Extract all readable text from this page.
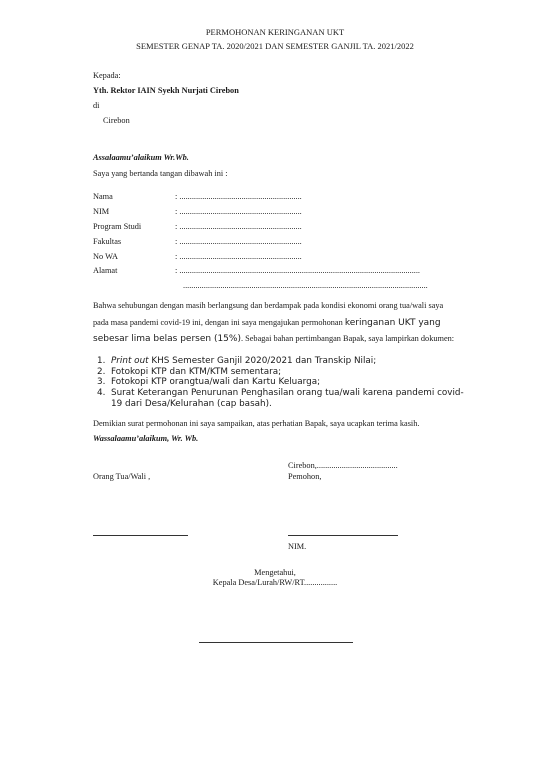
PERMOHONAN KERINGANAN UKT
SEMESTER GENAP TA. 2020/2021 DAN SEMESTER GANJIL TA. 2021/2022
Kepada:
Yth. Rektor IAIN Syekh Nurjati Cirebon
di
Cirebon
Assalaamu’alaikum Wr.Wb.
Saya yang bertanda tangan dibawah ini :
Nama	: ...........................................................
NIM	: ...........................................................
Program Studi	: ...........................................................
Fakultas	: ...........................................................
No WA	: ...........................................................
Alamat	: ....................................................................................................................
......................................................................................................................
Bahwa sehubungan dengan masih berlangsung dan berdampak pada kondisi ekonomi orang tua/wali saya
pada masa pandemi covid-19 ini, dengan ini saya mengajukan permohonan keringanan UKT yang
sebesar lima belas persen (15%). Sebagai bahan pertimbangan Bapak, saya lampirkan dokumen:
1. Print out KHS Semester Ganjil 2020/2021 dan Transkip Nilai;
2. Fotokopi KTP dan KTM/KTM sementara;
3. Fotokopi KTP orangtua/wali dan Kartu Keluarga;
4. Surat Keterangan Penurunan Penghasilan orang tua/wali karena pandemi covid-
19 dari Desa/Kelurahan (cap basah).
Demikian surat permohonan ini saya sampaikan, atas perhatian Bapak, saya ucapkan terima kasih.
Wassalaamu’alaikum, Wr. Wb.
Cirebon,.......................................
Orang Tua/Wali ,	Pemohon,
NIM.
Mengetahui,
Kepala Desa/Lurah/RW/RT................
